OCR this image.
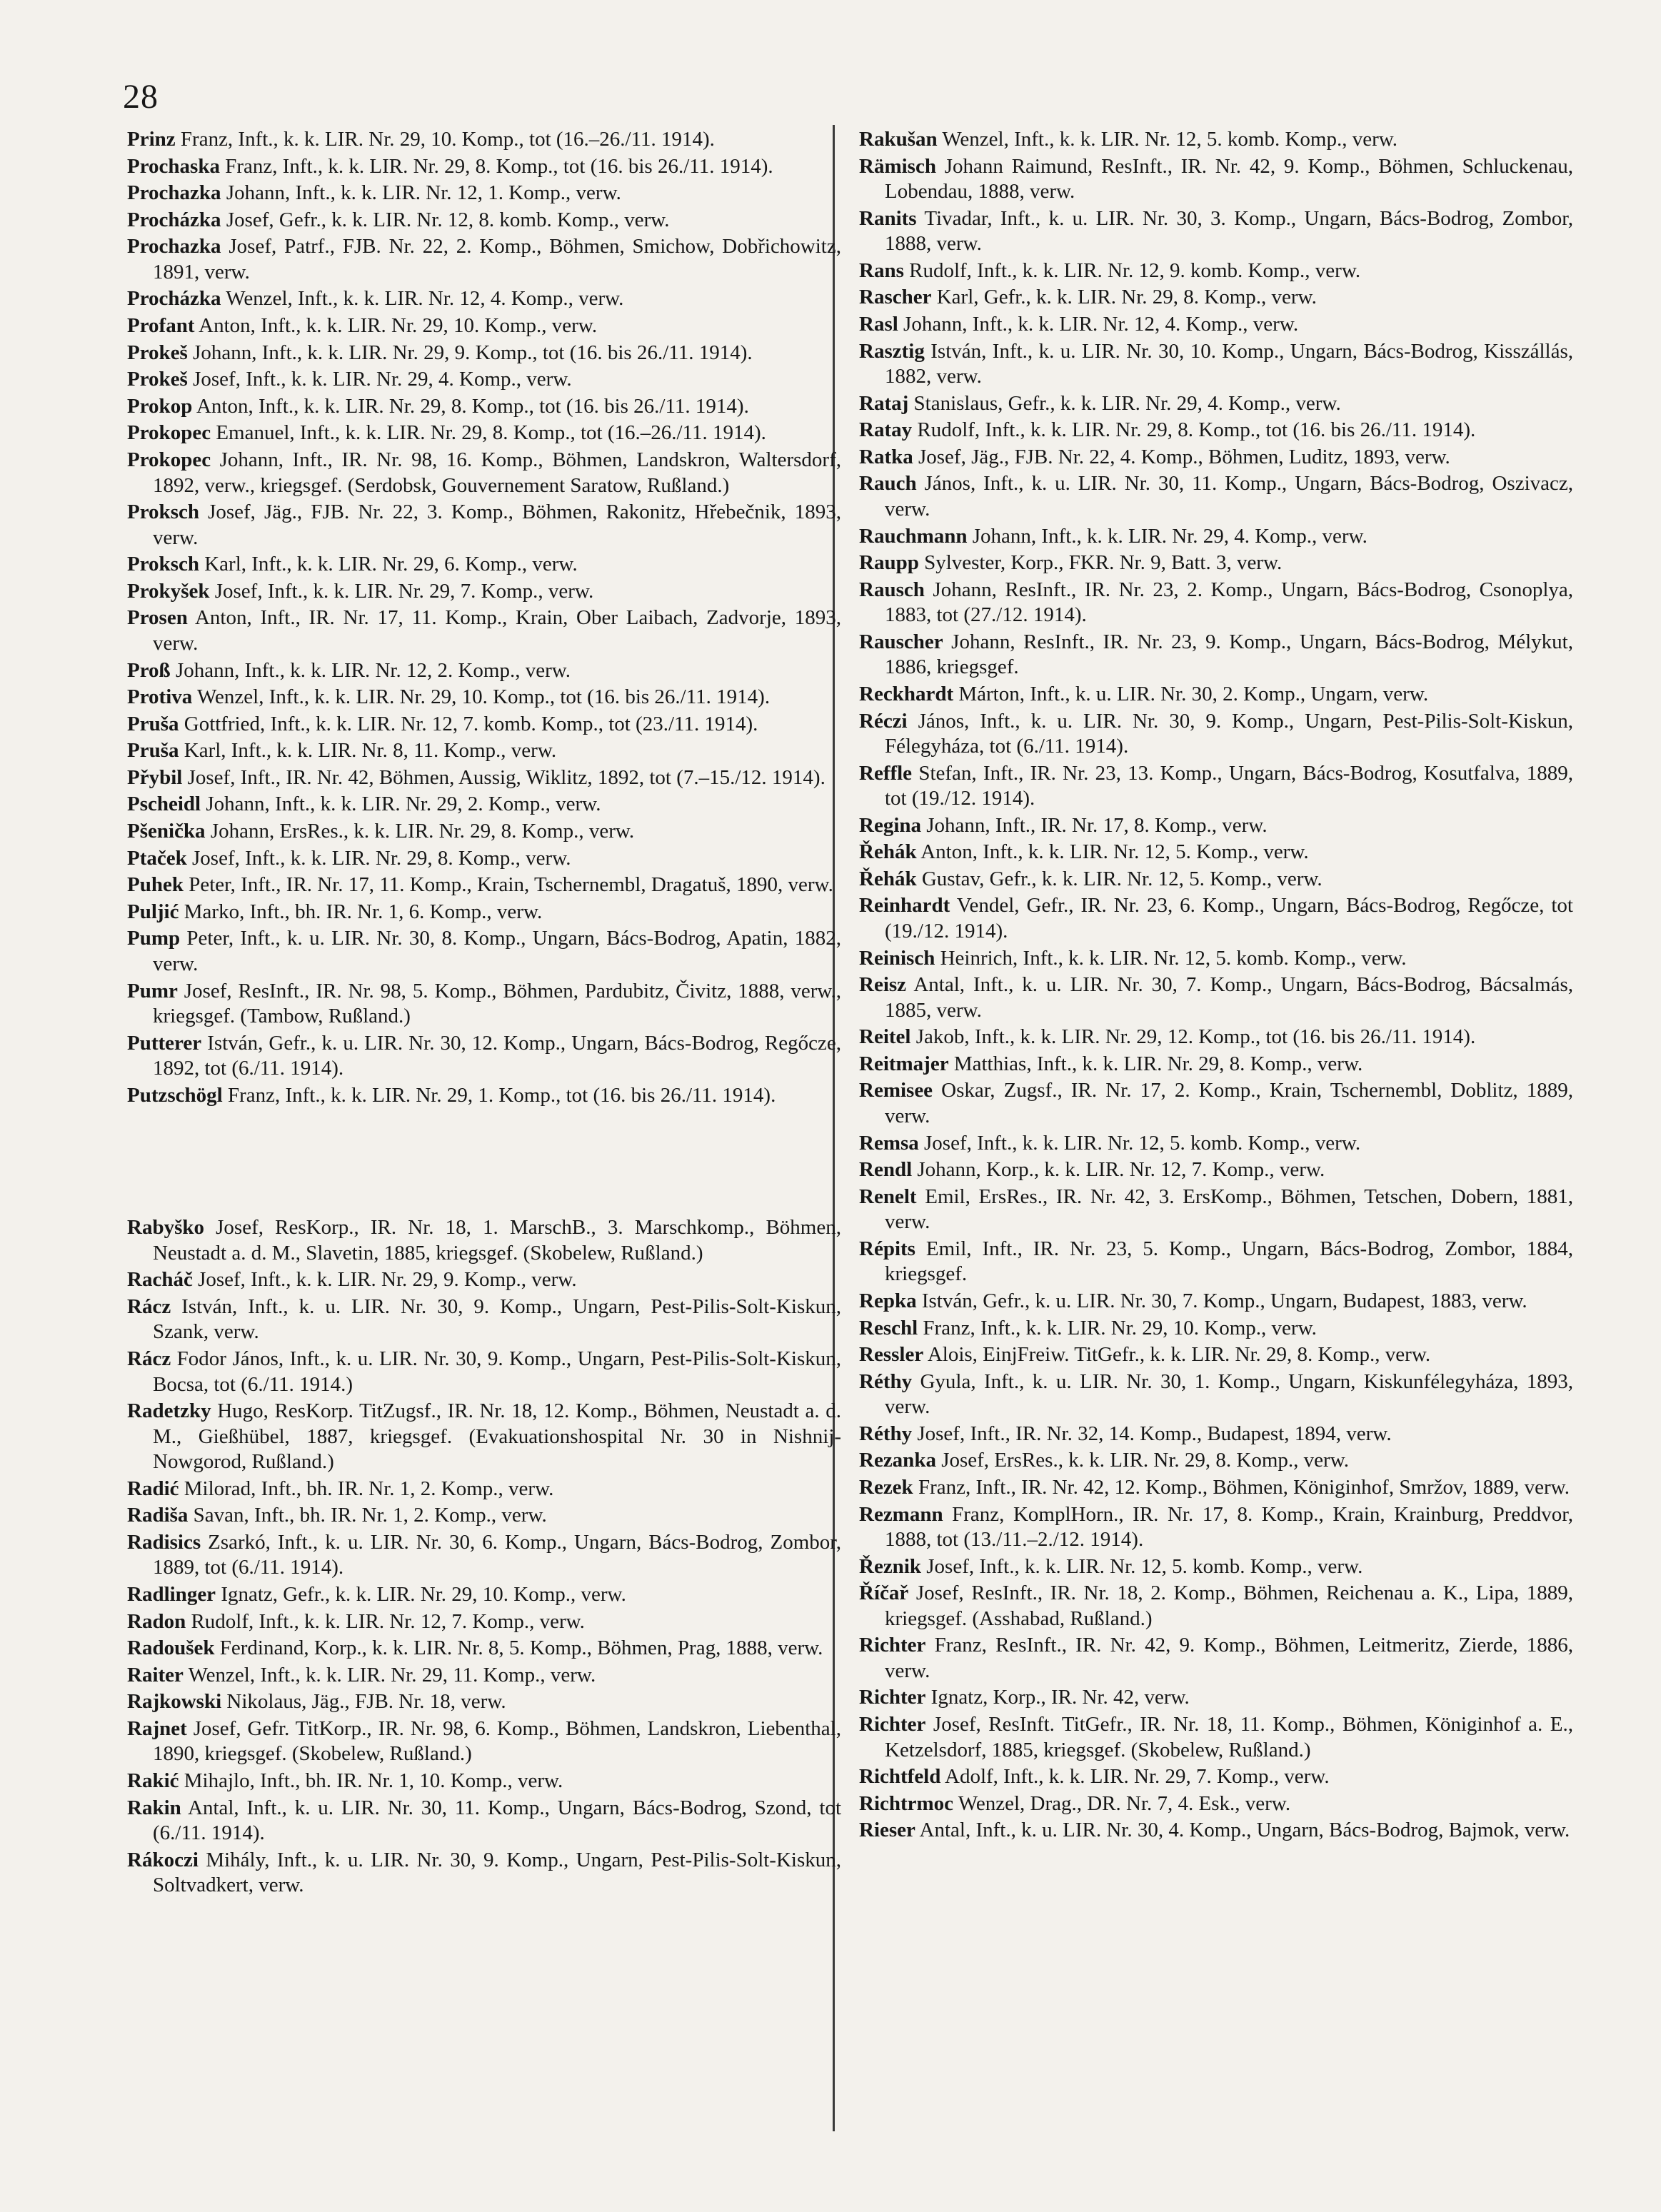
28

Prinz Franz, Inft., k. k. LIR. Nr. 29, 10. Komp., tot (16.–26./11. 1914).

Prochaska Franz, Inft., k. k. LIR. Nr. 29, 8. Komp., tot (16. bis 26./11. 1914).

Prochazka Johann, Inft., k. k. LIR. Nr. 12, 1. Komp., verw.

Procházka Josef, Gefr., k. k. LIR. Nr. 12, 8. komb. Komp., verw.

Prochazka Josef, Patrf., FJB. Nr. 22, 2. Komp., Böhmen, Smichow, Dobřichowitz, 1891, verw.

Procházka Wenzel, Inft., k. k. LIR. Nr. 12, 4. Komp., verw.

Profant Anton, Inft., k. k. LIR. Nr. 29, 10. Komp., verw.

Prokeš Johann, Inft., k. k. LIR. Nr. 29, 9. Komp., tot (16. bis 26./11. 1914).

Prokeš Josef, Inft., k. k. LIR. Nr. 29, 4. Komp., verw.

Prokop Anton, Inft., k. k. LIR. Nr. 29, 8. Komp., tot (16. bis 26./11. 1914).

Prokopec Emanuel, Inft., k. k. LIR. Nr. 29, 8. Komp., tot (16.–26./11. 1914).

Prokopec Johann, Inft., IR. Nr. 98, 16. Komp., Böhmen, Landskron, Waltersdorf, 1892, verw., kriegsgef. (Serdobsk, Gouvernement Saratow, Rußland.)

Proksch Josef, Jäg., FJB. Nr. 22, 3. Komp., Böhmen, Rakonitz, Hřebečnik, 1893, verw.

Proksch Karl, Inft., k. k. LIR. Nr. 29, 6. Komp., verw.

Prokyšek Josef, Inft., k. k. LIR. Nr. 29, 7. Komp., verw.

Prosen Anton, Inft., IR. Nr. 17, 11. Komp., Krain, Ober Laibach, Zadvorje, 1893, verw.

Proß Johann, Inft., k. k. LIR. Nr. 12, 2. Komp., verw.

Protiva Wenzel, Inft., k. k. LIR. Nr. 29, 10. Komp., tot (16. bis 26./11. 1914).

Pruša Gottfried, Inft., k. k. LIR. Nr. 12, 7. komb. Komp., tot (23./11. 1914).

Pruša Karl, Inft., k. k. LIR. Nr. 8, 11. Komp., verw.

Přybil Josef, Inft., IR. Nr. 42, Böhmen, Aussig, Wiklitz, 1892, tot (7.–15./12. 1914).

Pscheidl Johann, Inft., k. k. LIR. Nr. 29, 2. Komp., verw.

Pšenička Johann, ErsRes., k. k. LIR. Nr. 29, 8. Komp., verw.

Ptaček Josef, Inft., k. k. LIR. Nr. 29, 8. Komp., verw.

Puhek Peter, Inft., IR. Nr. 17, 11. Komp., Krain, Tschernembl, Dragatuš, 1890, verw.

Puljić Marko, Inft., bh. IR. Nr. 1, 6. Komp., verw.

Pump Peter, Inft., k. u. LIR. Nr. 30, 8. Komp., Ungarn, Bács-Bodrog, Apatin, 1882, verw.

Pumr Josef, ResInft., IR. Nr. 98, 5. Komp., Böhmen, Pardubitz, Čivitz, 1888, verw., kriegsgef. (Tambow, Rußland.)

Putterer István, Gefr., k. u. LIR. Nr. 30, 12. Komp., Ungarn, Bács-Bodrog, Regőcze, 1892, tot (6./11. 1914).

Putzschögl Franz, Inft., k. k. LIR. Nr. 29, 1. Komp., tot (16. bis 26./11. 1914).

Rabyško Josef, ResKorp., IR. Nr. 18, 1. MarschB., 3. Marschkomp., Böhmen, Neustadt a. d. M., Slavetin, 1885, kriegsgef. (Skobelew, Rußland.)

Racháč Josef, Inft., k. k. LIR. Nr. 29, 9. Komp., verw.

Rácz István, Inft., k. u. LIR. Nr. 30, 9. Komp., Ungarn, Pest-Pilis-Solt-Kiskun, Szank, verw.

Rácz Fodor János, Inft., k. u. LIR. Nr. 30, 9. Komp., Ungarn, Pest-Pilis-Solt-Kiskun, Bocsa, tot (6./11. 1914.)

Radetzky Hugo, ResKorp. TitZugsf., IR. Nr. 18, 12. Komp., Böhmen, Neustadt a. d. M., Gießhübel, 1887, kriegsgef. (Evakuationshospital Nr. 30 in Nishnij-Nowgorod, Rußland.)

Radić Milorad, Inft., bh. IR. Nr. 1, 2. Komp., verw.

Radiša Savan, Inft., bh. IR. Nr. 1, 2. Komp., verw.

Radisics Zsarkó, Inft., k. u. LIR. Nr. 30, 6. Komp., Ungarn, Bács-Bodrog, Zombor, 1889, tot (6./11. 1914).

Radlinger Ignatz, Gefr., k. k. LIR. Nr. 29, 10. Komp., verw.

Radon Rudolf, Inft., k. k. LIR. Nr. 12, 7. Komp., verw.

Radoušek Ferdinand, Korp., k. k. LIR. Nr. 8, 5. Komp., Böhmen, Prag, 1888, verw.

Raiter Wenzel, Inft., k. k. LIR. Nr. 29, 11. Komp., verw.

Rajkowski Nikolaus, Jäg., FJB. Nr. 18, verw.

Rajnet Josef, Gefr. TitKorp., IR. Nr. 98, 6. Komp., Böhmen, Landskron, Liebenthal, 1890, kriegsgef. (Skobelew, Rußland.)

Rakić Mihajlo, Inft., bh. IR. Nr. 1, 10. Komp., verw.

Rakin Antal, Inft., k. u. LIR. Nr. 30, 11. Komp., Ungarn, Bács-Bodrog, Szond, tot (6./11. 1914).

Rákoczi Mihály, Inft., k. u. LIR. Nr. 30, 9. Komp., Ungarn, Pest-Pilis-Solt-Kiskun, Soltvadkert, verw.

Rakušan Wenzel, Inft., k. k. LIR. Nr. 12, 5. komb. Komp., verw.

Rämisch Johann Raimund, ResInft., IR. Nr. 42, 9. Komp., Böhmen, Schluckenau, Lobendau, 1888, verw.

Ranits Tivadar, Inft., k. u. LIR. Nr. 30, 3. Komp., Ungarn, Bács-Bodrog, Zombor, 1888, verw.

Rans Rudolf, Inft., k. k. LIR. Nr. 12, 9. komb. Komp., verw.

Rascher Karl, Gefr., k. k. LIR. Nr. 29, 8. Komp., verw.

Rasl Johann, Inft., k. k. LIR. Nr. 12, 4. Komp., verw.

Rasztig István, Inft., k. u. LIR. Nr. 30, 10. Komp., Ungarn, Bács-Bodrog, Kisszállás, 1882, verw.

Rataj Stanislaus, Gefr., k. k. LIR. Nr. 29, 4. Komp., verw.

Ratay Rudolf, Inft., k. k. LIR. Nr. 29, 8. Komp., tot (16. bis 26./11. 1914).

Ratka Josef, Jäg., FJB. Nr. 22, 4. Komp., Böhmen, Luditz, 1893, verw.

Rauch János, Inft., k. u. LIR. Nr. 30, 11. Komp., Ungarn, Bács-Bodrog, Oszivacz, verw.

Rauchmann Johann, Inft., k. k. LIR. Nr. 29, 4. Komp., verw.

Raupp Sylvester, Korp., FKR. Nr. 9, Batt. 3, verw.

Rausch Johann, ResInft., IR. Nr. 23, 2. Komp., Ungarn, Bács-Bodrog, Csonoplya, 1883, tot (27./12. 1914).

Rauscher Johann, ResInft., IR. Nr. 23, 9. Komp., Ungarn, Bács-Bodrog, Mélykut, 1886, kriegsgef.

Reckhardt Márton, Inft., k. u. LIR. Nr. 30, 2. Komp., Ungarn, verw.

Réczi János, Inft., k. u. LIR. Nr. 30, 9. Komp., Ungarn, Pest-Pilis-Solt-Kiskun, Félegyháza, tot (6./11. 1914).

Reffle Stefan, Inft., IR. Nr. 23, 13. Komp., Ungarn, Bács-Bodrog, Kosutfalva, 1889, tot (19./12. 1914).

Regina Johann, Inft., IR. Nr. 17, 8. Komp., verw.

Řehák Anton, Inft., k. k. LIR. Nr. 12, 5. Komp., verw.

Řehák Gustav, Gefr., k. k. LIR. Nr. 12, 5. Komp., verw.

Reinhardt Vendel, Gefr., IR. Nr. 23, 6. Komp., Ungarn, Bács-Bodrog, Regőcze, tot (19./12. 1914).

Reinisch Heinrich, Inft., k. k. LIR. Nr. 12, 5. komb. Komp., verw.

Reisz Antal, Inft., k. u. LIR. Nr. 30, 7. Komp., Ungarn, Bács-Bodrog, Bácsalmás, 1885, verw.

Reitel Jakob, Inft., k. k. LIR. Nr. 29, 12. Komp., tot (16. bis 26./11. 1914).

Reitmajer Matthias, Inft., k. k. LIR. Nr. 29, 8. Komp., verw.

Remisee Oskar, Zugsf., IR. Nr. 17, 2. Komp., Krain, Tschernembl, Doblitz, 1889, verw.

Remsa Josef, Inft., k. k. LIR. Nr. 12, 5. komb. Komp., verw.

Rendl Johann, Korp., k. k. LIR. Nr. 12, 7. Komp., verw.

Renelt Emil, ErsRes., IR. Nr. 42, 3. ErsKomp., Böhmen, Tetschen, Dobern, 1881, verw.

Répits Emil, Inft., IR. Nr. 23, 5. Komp., Ungarn, Bács-Bodrog, Zombor, 1884, kriegsgef.

Repka István, Gefr., k. u. LIR. Nr. 30, 7. Komp., Ungarn, Budapest, 1883, verw.

Reschl Franz, Inft., k. k. LIR. Nr. 29, 10. Komp., verw.

Ressler Alois, EinjFreiw. TitGefr., k. k. LIR. Nr. 29, 8. Komp., verw.

Réthy Gyula, Inft., k. u. LIR. Nr. 30, 1. Komp., Ungarn, Kiskunfélegyháza, 1893, verw.

Réthy Josef, Inft., IR. Nr. 32, 14. Komp., Budapest, 1894, verw.

Rezanka Josef, ErsRes., k. k. LIR. Nr. 29, 8. Komp., verw.

Rezek Franz, Inft., IR. Nr. 42, 12. Komp., Böhmen, Königinhof, Smržov, 1889, verw.

Rezmann Franz, KomplHorn., IR. Nr. 17, 8. Komp., Krain, Krainburg, Preddvor, 1888, tot (13./11.–2./12. 1914).

Řeznik Josef, Inft., k. k. LIR. Nr. 12, 5. komb. Komp., verw.

Říčař Josef, ResInft., IR. Nr. 18, 2. Komp., Böhmen, Reichenau a. K., Lipa, 1889, kriegsgef. (Asshabad, Rußland.)

Richter Franz, ResInft., IR. Nr. 42, 9. Komp., Böhmen, Leitmeritz, Zierde, 1886, verw.

Richter Ignatz, Korp., IR. Nr. 42, verw.

Richter Josef, ResInft. TitGefr., IR. Nr. 18, 11. Komp., Böhmen, Königinhof a. E., Ketzelsdorf, 1885, kriegsgef. (Skobelew, Rußland.)

Richtfeld Adolf, Inft., k. k. LIR. Nr. 29, 7. Komp., verw.

Richtrmoc Wenzel, Drag., DR. Nr. 7, 4. Esk., verw.

Rieser Antal, Inft., k. u. LIR. Nr. 30, 4. Komp., Ungarn, Bács-Bodrog, Bajmok, verw.
